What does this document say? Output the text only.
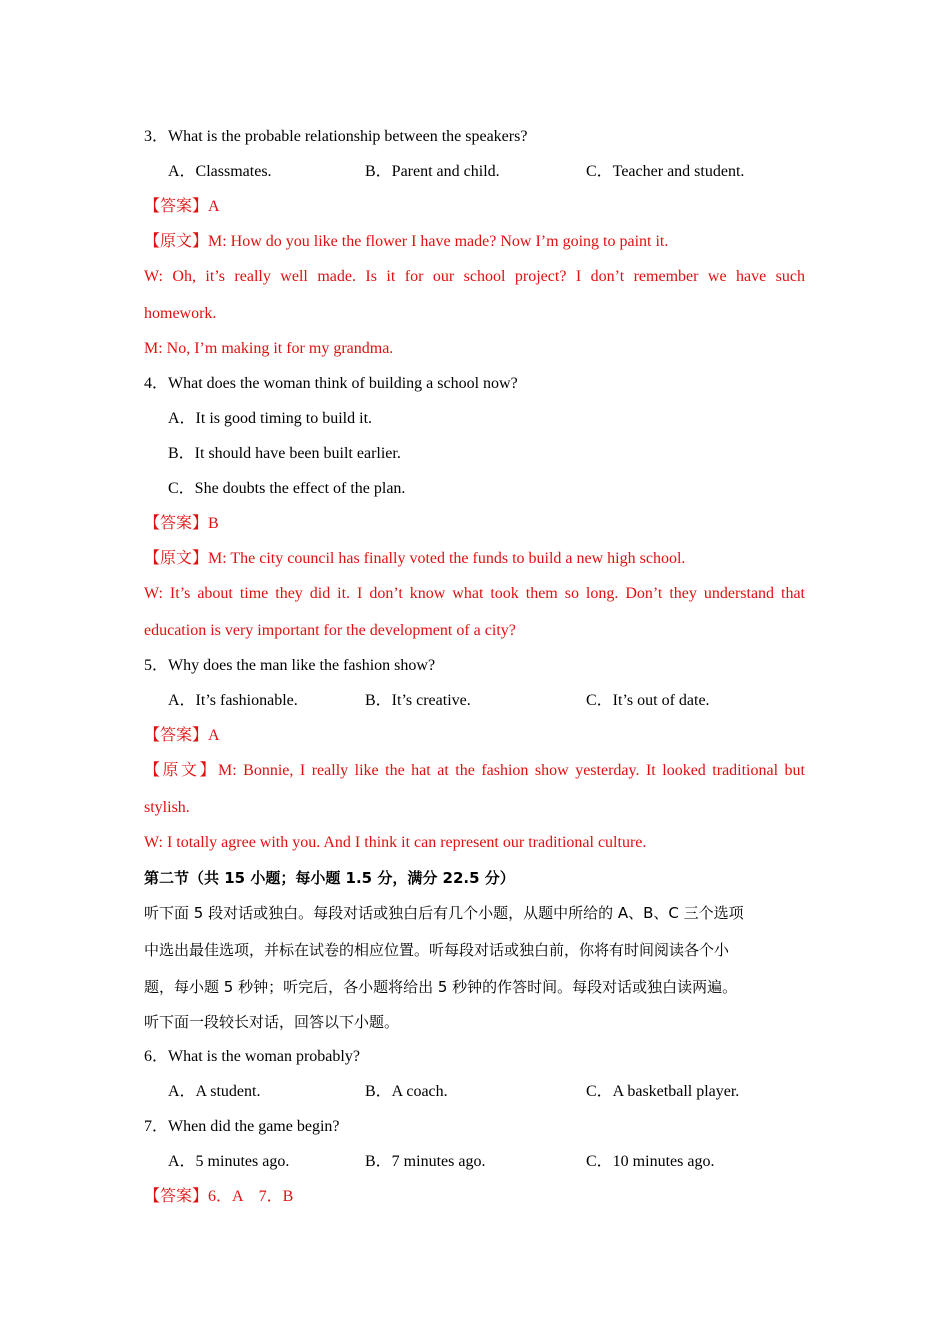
3．What is the probable relationship between the speakers?
A．Classmates.	B．Parent and child.	C．Teacher and student.
【答案】A
【原文】M: How do you like the flower I have made? Now I’m going to paint it.
W: Oh, it’s really well made. Is it for our school project? I don’t remember we have such
homework.
M: No, I’m making it for my grandma.
4．What does the woman think of building a school now?
A．It is good timing to build it.
B．It should have been built earlier.
C．She doubts the effect of the plan.
【答案】B
【原文】M: The city council has finally voted the funds to build a new high school.
W: It’s about time they did it. I don’t know what took them so long. Don’t they understand that
education is very important for the development of a city?
5．Why does the man like the fashion show?
A．It’s fashionable.	B．It’s creative.	C．It’s out of date.
【答案】A
【原文】M: Bonnie, I really like the hat at the fashion show yesterday. It looked traditional but
stylish.
W: I totally agree with you. And I think it can represent our traditional culture.
第二节（共 15 小题；每小题 1.5 分，满分 22.5 分）
听下面 5 段对话或独白。每段对话或独白后有几个小题，从题中所给的 A、B、C 三个选项
中选出最佳选项，并标在试卷的相应位置。听每段对话或独白前，你将有时间阅读各个小
题，每小题 5 秒钟；听完后，各小题将给出 5 秒钟的作答时间。每段对话或独白读两遍。
听下面一段较长对话，回答以下小题。
6．What is the woman probably?
A．A student.	B．A coach.	C．A basketball player.
7．When did the game begin?
A．5 minutes ago.	B．7 minutes ago.	C．10 minutes ago.
【答案】6．A　7．B
